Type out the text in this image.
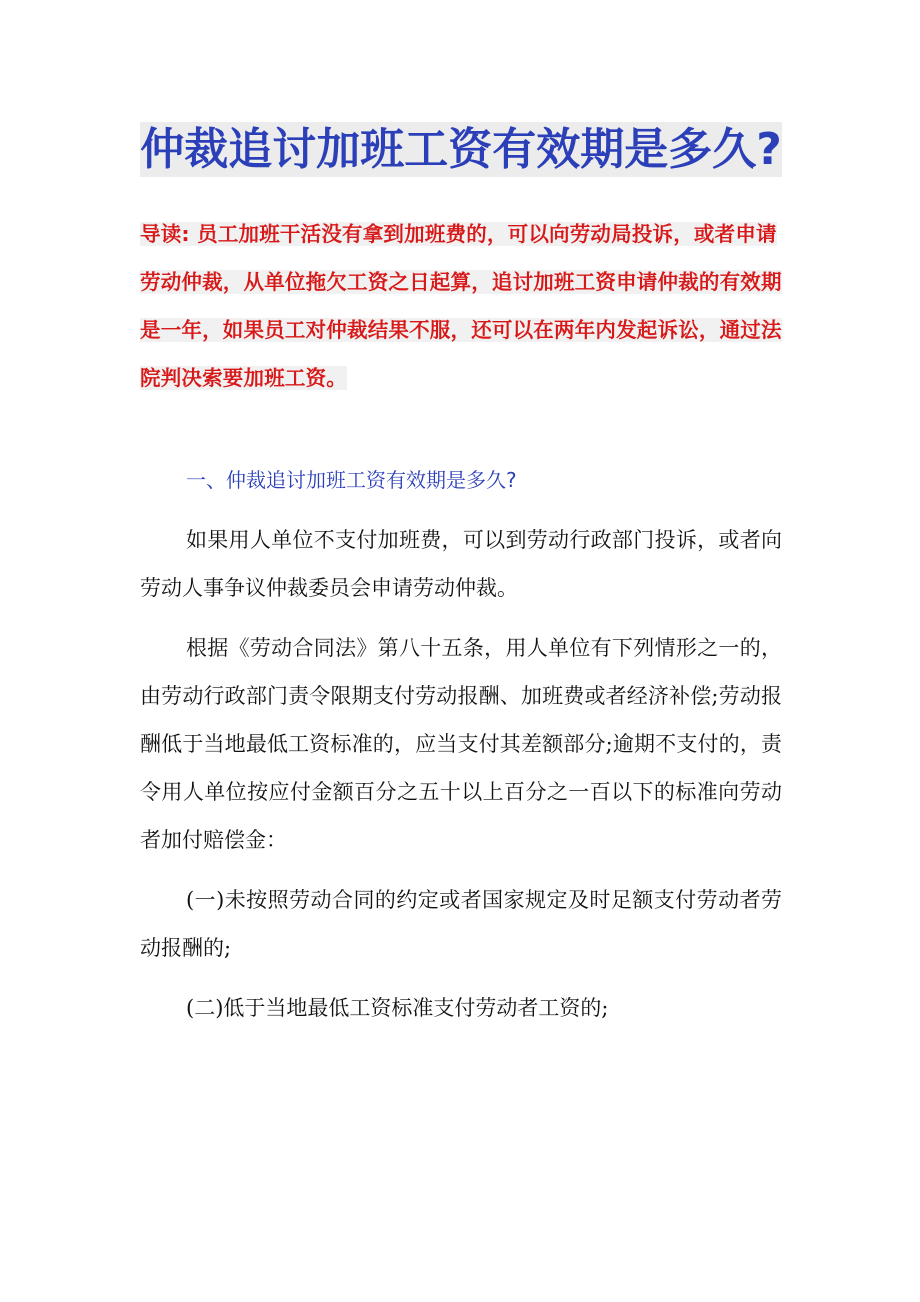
仲裁追讨加班工资有效期是多久?

导读: 员工加班干活没有拿到加班费的，可以向劳动局投诉，或者申请劳动仲裁，从单位拖欠工资之日起算，追讨加班工资申请仲裁的有效期是一年，如果员工对仲裁结果不服，还可以在两年内发起诉讼，通过法院判决索要加班工资。

一、仲裁追讨加班工资有效期是多久?

如果用人单位不支付加班费，可以到劳动行政部门投诉，或者向劳动人事争议仲裁委员会申请劳动仲裁。

根据《劳动合同法》第八十五条，用人单位有下列情形之一的，由劳动行政部门责令限期支付劳动报酬、加班费或者经济补偿;劳动报酬低于当地最低工资标准的，应当支付其差额部分;逾期不支付的，责令用人单位按应付金额百分之五十以上百分之一百以下的标准向劳动者加付赔偿金：

(一)未按照劳动合同的约定或者国家规定及时足额支付劳动者劳动报酬的;

(二)低于当地最低工资标准支付劳动者工资的;
